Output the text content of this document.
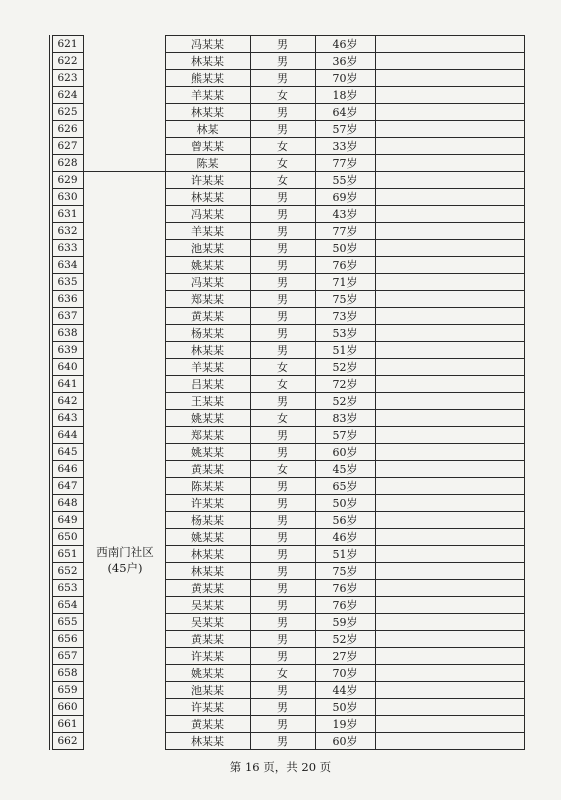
621	冯某某	男	46岁
622	林某某	男	36岁
623	熊某某	男	70岁
624	羊某某	女	18岁
625	林某某	男	64岁
626	林某	男	57岁
627	曾某某	女	33岁
628	陈某	女	77岁
629	许某某	女	55岁
630	林某某	男	69岁
631	冯某某	男	43岁
632	羊某某	男	77岁
633	池某某	男	50岁
634	姚某某	男	76岁
635	冯某某	男	71岁
636	郑某某	男	75岁
637	黄某某	男	73岁
638	杨某某	男	53岁
639	林某某	男	51岁
640	羊某某	女	52岁
641	吕某某	女	72岁
642	王某某	男	52岁
643	姚某某	女	83岁
644	郑某某	男	57岁
645	姚某某	男	60岁
646	黄某某	女	45岁
647	陈某某	男	65岁
648	许某某	男	50岁
649	杨某某	男	56岁
650	姚某某	男	46岁
651	林某某	男	51岁
652	林某某	男	75岁
653	黄某某	男	76岁
654	吴某某	男	76岁
655	吴某某	男	59岁
656	黄某某	男	52岁
657	许某某	男	27岁
658	姚某某	女	70岁
659	池某某	男	44岁
660	许某某	男	50岁
661	黄某某	男	19岁
662	林某某	男	60岁
西南门社区
(45户)
第 16 页，共 20 页
